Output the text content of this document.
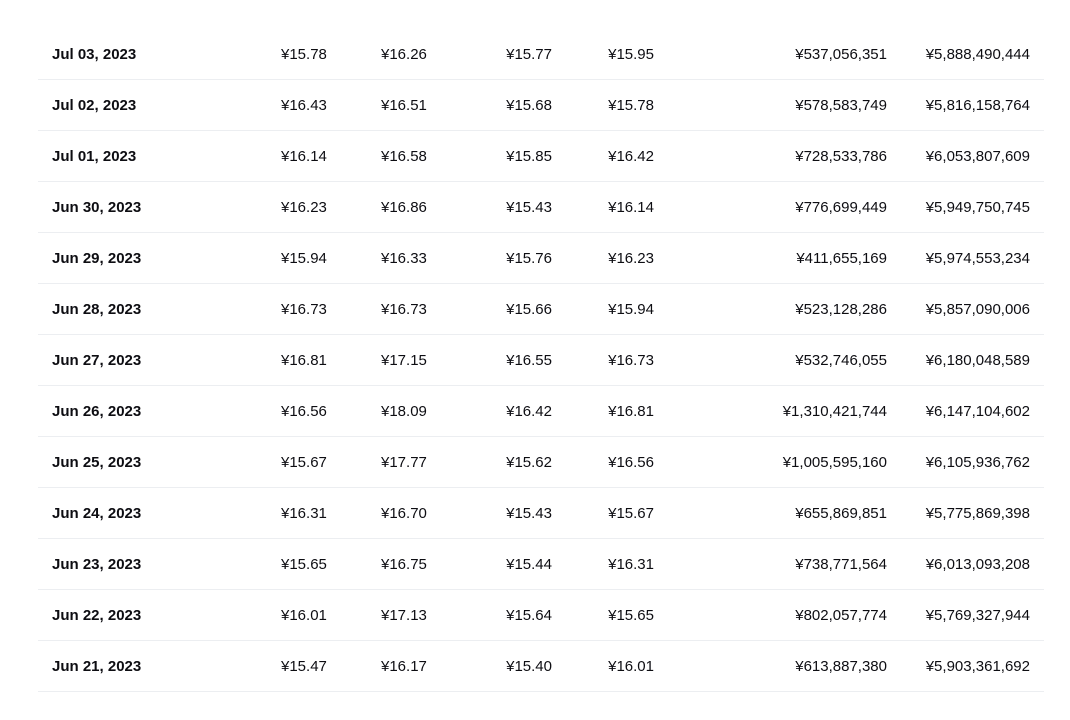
Jul 03, 2023	¥15.78	¥16.26	¥15.77	¥15.95	¥537,056,351	¥5,888,490,444
Jul 02, 2023	¥16.43	¥16.51	¥15.68	¥15.78	¥578,583,749	¥5,816,158,764
Jul 01, 2023	¥16.14	¥16.58	¥15.85	¥16.42	¥728,533,786	¥6,053,807,609
Jun 30, 2023	¥16.23	¥16.86	¥15.43	¥16.14	¥776,699,449	¥5,949,750,745
Jun 29, 2023	¥15.94	¥16.33	¥15.76	¥16.23	¥411,655,169	¥5,974,553,234
Jun 28, 2023	¥16.73	¥16.73	¥15.66	¥15.94	¥523,128,286	¥5,857,090,006
Jun 27, 2023	¥16.81	¥17.15	¥16.55	¥16.73	¥532,746,055	¥6,180,048,589
Jun 26, 2023	¥16.56	¥18.09	¥16.42	¥16.81	¥1,310,421,744	¥6,147,104,602
Jun 25, 2023	¥15.67	¥17.77	¥15.62	¥16.56	¥1,005,595,160	¥6,105,936,762
Jun 24, 2023	¥16.31	¥16.70	¥15.43	¥15.67	¥655,869,851	¥5,775,869,398
Jun 23, 2023	¥15.65	¥16.75	¥15.44	¥16.31	¥738,771,564	¥6,013,093,208
Jun 22, 2023	¥16.01	¥17.13	¥15.64	¥15.65	¥802,057,774	¥5,769,327,944
Jun 21, 2023	¥15.47	¥16.17	¥15.40	¥16.01	¥613,887,380	¥5,903,361,692
